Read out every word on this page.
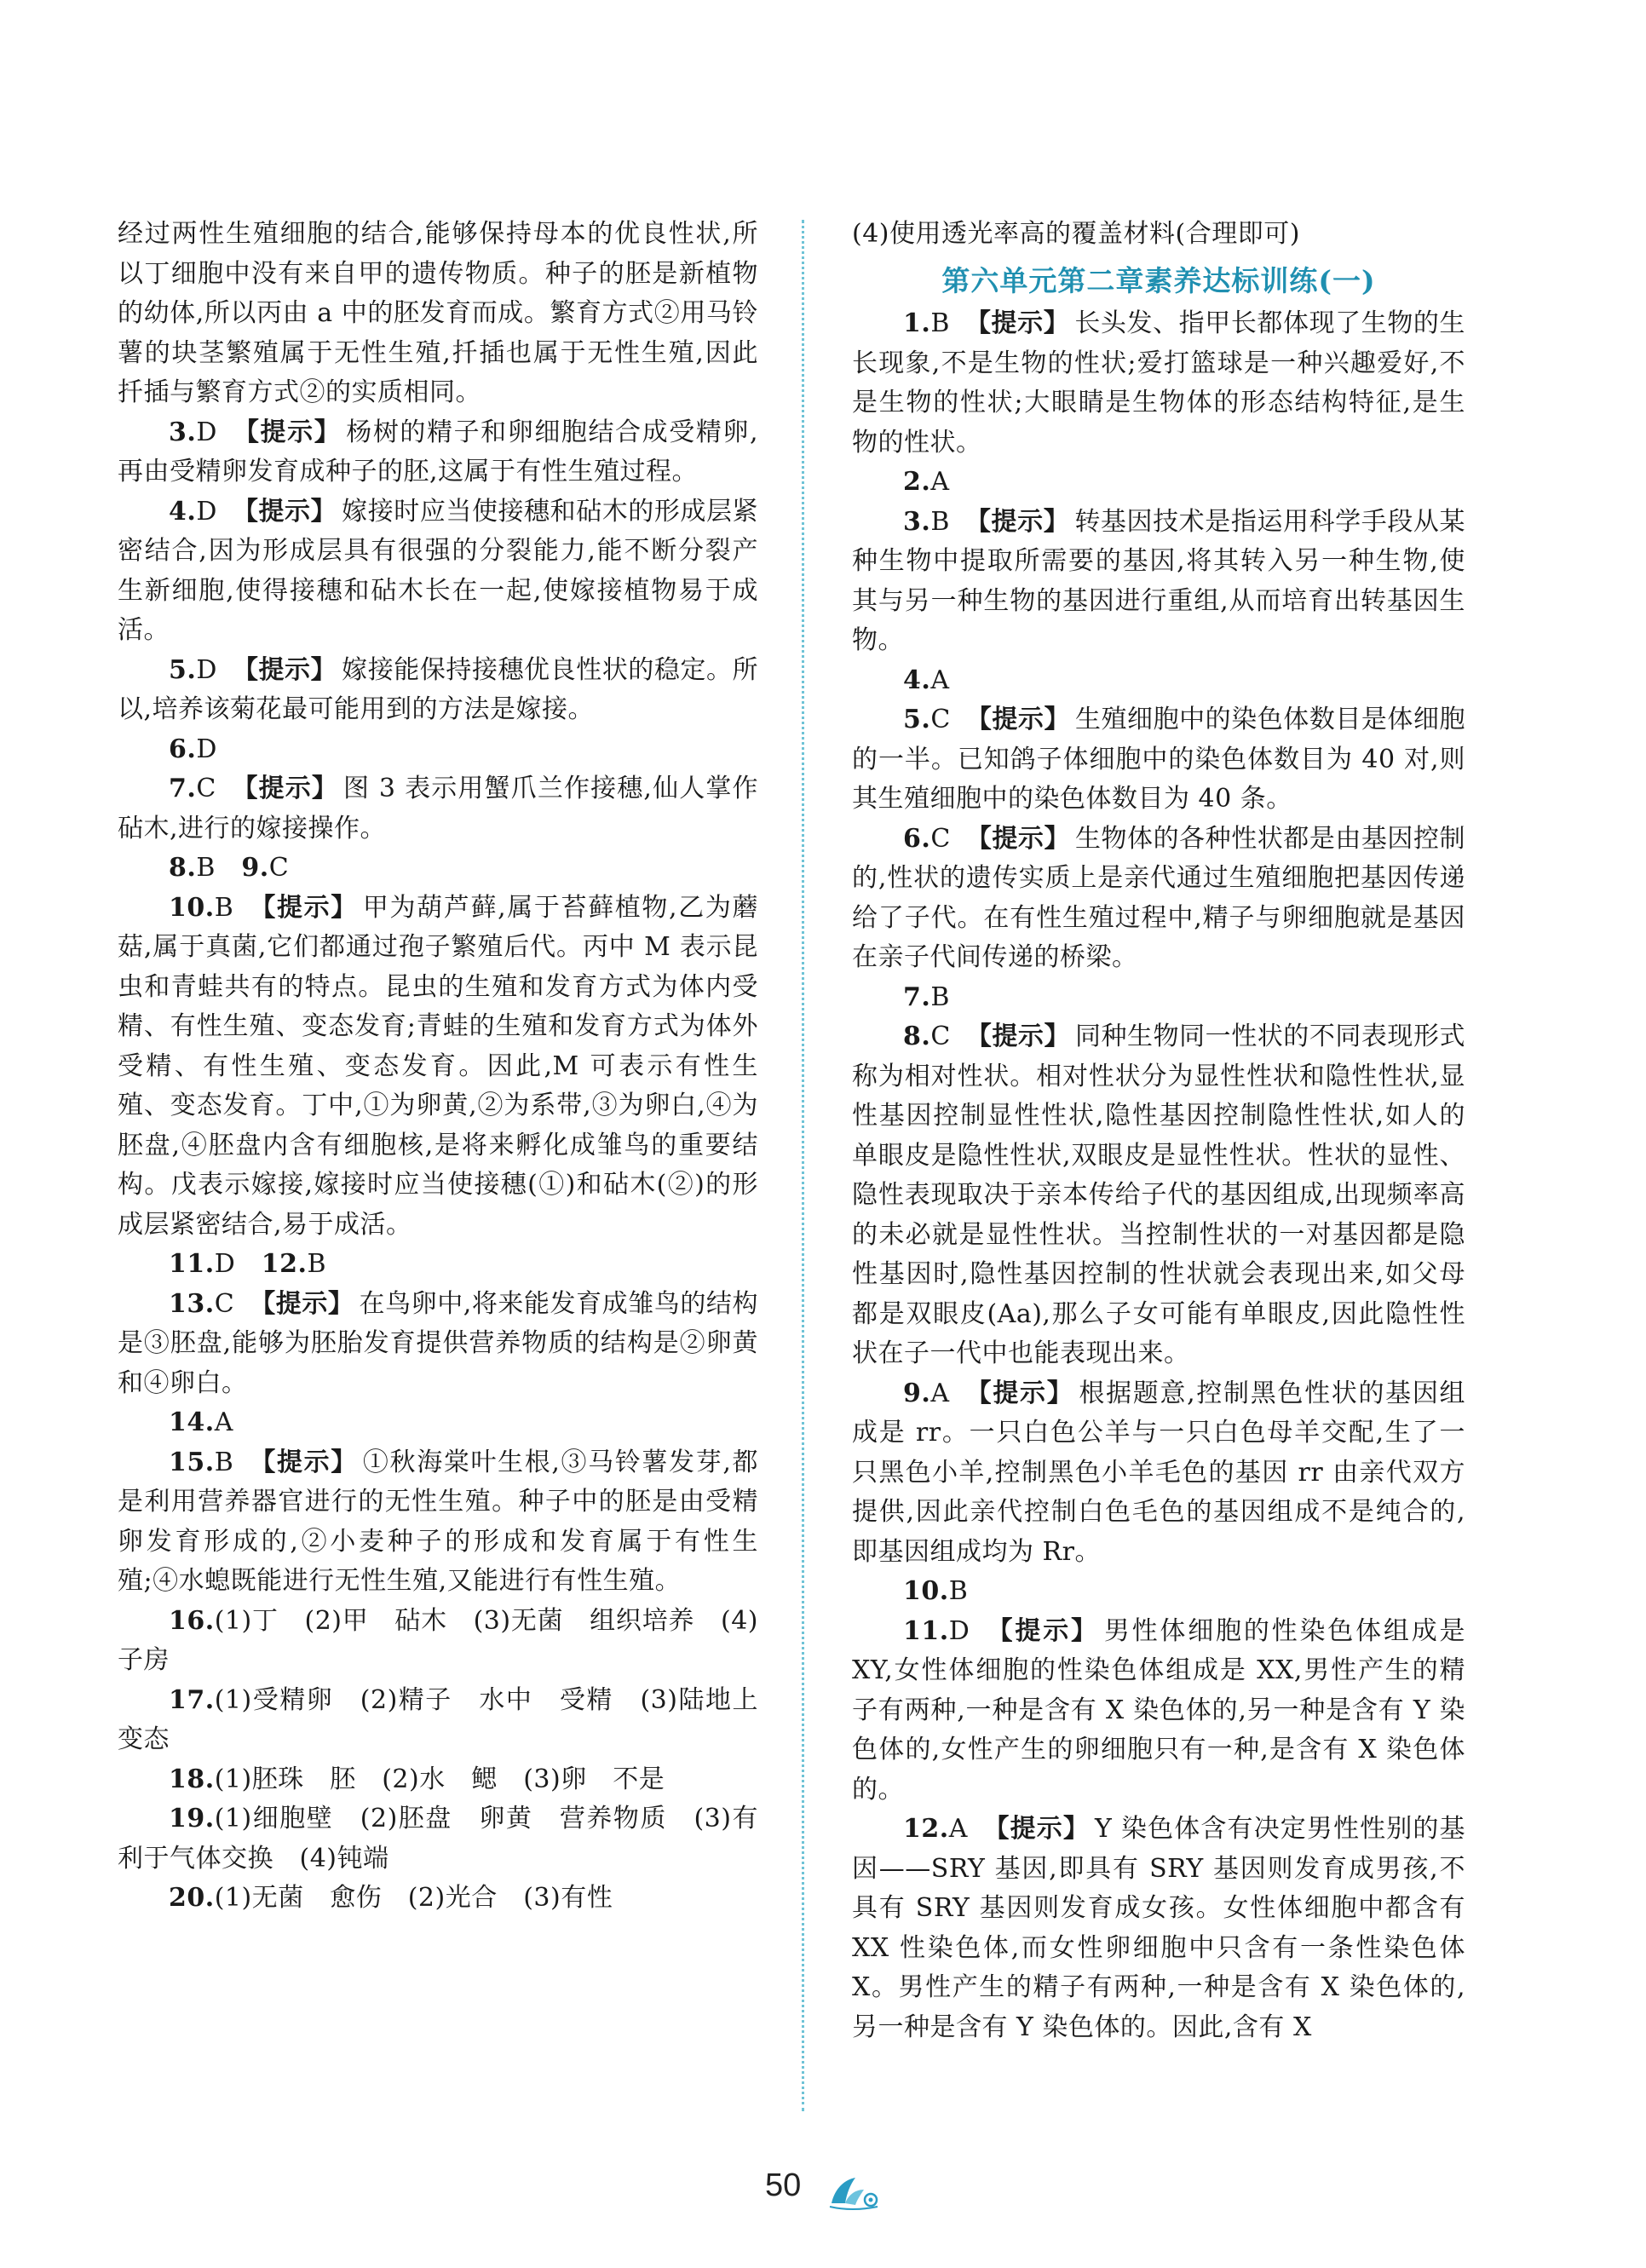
经过两性生殖细胞的结合,能够保持母本的优良性状,所以丁细胞中没有来自甲的遗传物质。种子的胚是新植物的幼体,所以丙由 a 中的胚发育而成。繁育方式②用马铃薯的块茎繁殖属于无性生殖,扦插也属于无性生殖,因此扦插与繁育方式②的实质相同。

3.D 【提示】 杨树的精子和卵细胞结合成受精卵,再由受精卵发育成种子的胚,这属于有性生殖过程。

4.D 【提示】 嫁接时应当使接穗和砧木的形成层紧密结合,因为形成层具有很强的分裂能力,能不断分裂产生新细胞,使得接穗和砧木长在一起,使嫁接植物易于成活。

5.D 【提示】 嫁接能保持接穗优良性状的稳定。所以,培养该菊花最可能用到的方法是嫁接。

6.D

7.C 【提示】 图 3 表示用蟹爪兰作接穗,仙人掌作砧木,进行的嫁接操作。

8.B  9.C

10.B 【提示】 甲为葫芦藓,属于苔藓植物,乙为蘑菇,属于真菌,它们都通过孢子繁殖后代。丙中 M 表示昆虫和青蛙共有的特点。昆虫的生殖和发育方式为体内受精、有性生殖、变态发育;青蛙的生殖和发育方式为体外受精、有性生殖、变态发育。因此,M 可表示有性生殖、变态发育。丁中,①为卵黄,②为系带,③为卵白,④为胚盘,④胚盘内含有细胞核,是将来孵化成雏鸟的重要结构。戊表示嫁接,嫁接时应当使接穗(①)和砧木(②)的形成层紧密结合,易于成活。

11.D  12.B

13.C 【提示】 在鸟卵中,将来能发育成雏鸟的结构是③胚盘,能够为胚胎发育提供营养物质的结构是②卵黄和④卵白。

14.A

15.B 【提示】 ①秋海棠叶生根,③马铃薯发芽,都是利用营养器官进行的无性生殖。种子中的胚是由受精卵发育形成的,②小麦种子的形成和发育属于有性生殖;④水螅既能进行无性生殖,又能进行有性生殖。

16.(1)丁　(2)甲　砧木　(3)无菌　组织培养　(4)子房

17.(1)受精卵　(2)精子　水中　受精　(3)陆地上　变态

18.(1)胚珠　胚　(2)水　鳃　(3)卵　不是

19.(1)细胞壁　(2)胚盘　卵黄　营养物质　(3)有利于气体交换　(4)钝端

20.(1)无菌　愈伤　(2)光合　(3)有性

(4)使用透光率高的覆盖材料(合理即可)

第六单元第二章素养达标训练(一)

1.B 【提示】 长头发、指甲长都体现了生物的生长现象,不是生物的性状;爱打篮球是一种兴趣爱好,不是生物的性状;大眼睛是生物体的形态结构特征,是生物的性状。

2.A

3.B 【提示】 转基因技术是指运用科学手段从某种生物中提取所需要的基因,将其转入另一种生物,使其与另一种生物的基因进行重组,从而培育出转基因生物。

4.A

5.C 【提示】 生殖细胞中的染色体数目是体细胞的一半。已知鸽子体细胞中的染色体数目为 40 对,则其生殖细胞中的染色体数目为 40 条。

6.C 【提示】 生物体的各种性状都是由基因控制的,性状的遗传实质上是亲代通过生殖细胞把基因传递给了子代。在有性生殖过程中,精子与卵细胞就是基因在亲子代间传递的桥梁。

7.B

8.C 【提示】 同种生物同一性状的不同表现形式称为相对性状。相对性状分为显性性状和隐性性状,显性基因控制显性性状,隐性基因控制隐性性状,如人的单眼皮是隐性性状,双眼皮是显性性状。性状的显性、隐性表现取决于亲本传给子代的基因组成,出现频率高的未必就是显性性状。当控制性状的一对基因都是隐性基因时,隐性基因控制的性状就会表现出来,如父母都是双眼皮(Aa),那么子女可能有单眼皮,因此隐性性状在子一代中也能表现出来。

9.A 【提示】 根据题意,控制黑色性状的基因组成是 rr。一只白色公羊与一只白色母羊交配,生了一只黑色小羊,控制黑色小羊毛色的基因 rr 由亲代双方提供,因此亲代控制白色毛色的基因组成不是纯合的,即基因组成均为 Rr。

10.B

11.D 【提示】 男性体细胞的性染色体组成是 XY,女性体细胞的性染色体组成是 XX,男性产生的精子有两种,一种是含有 X 染色体的,另一种是含有 Y 染色体的,女性产生的卵细胞只有一种,是含有 X 染色体的。

12.A 【提示】 Y 染色体含有决定男性性别的基因——SRY 基因,即具有 SRY 基因则发育成男孩,不具有 SRY 基因则发育成女孩。女性体细胞中都含有 XX 性染色体,而女性卵细胞中只含有一条性染色体 X。男性产生的精子有两种,一种是含有 X 染色体的,另一种是含有 Y 染色体的。因此,含有 X

50
